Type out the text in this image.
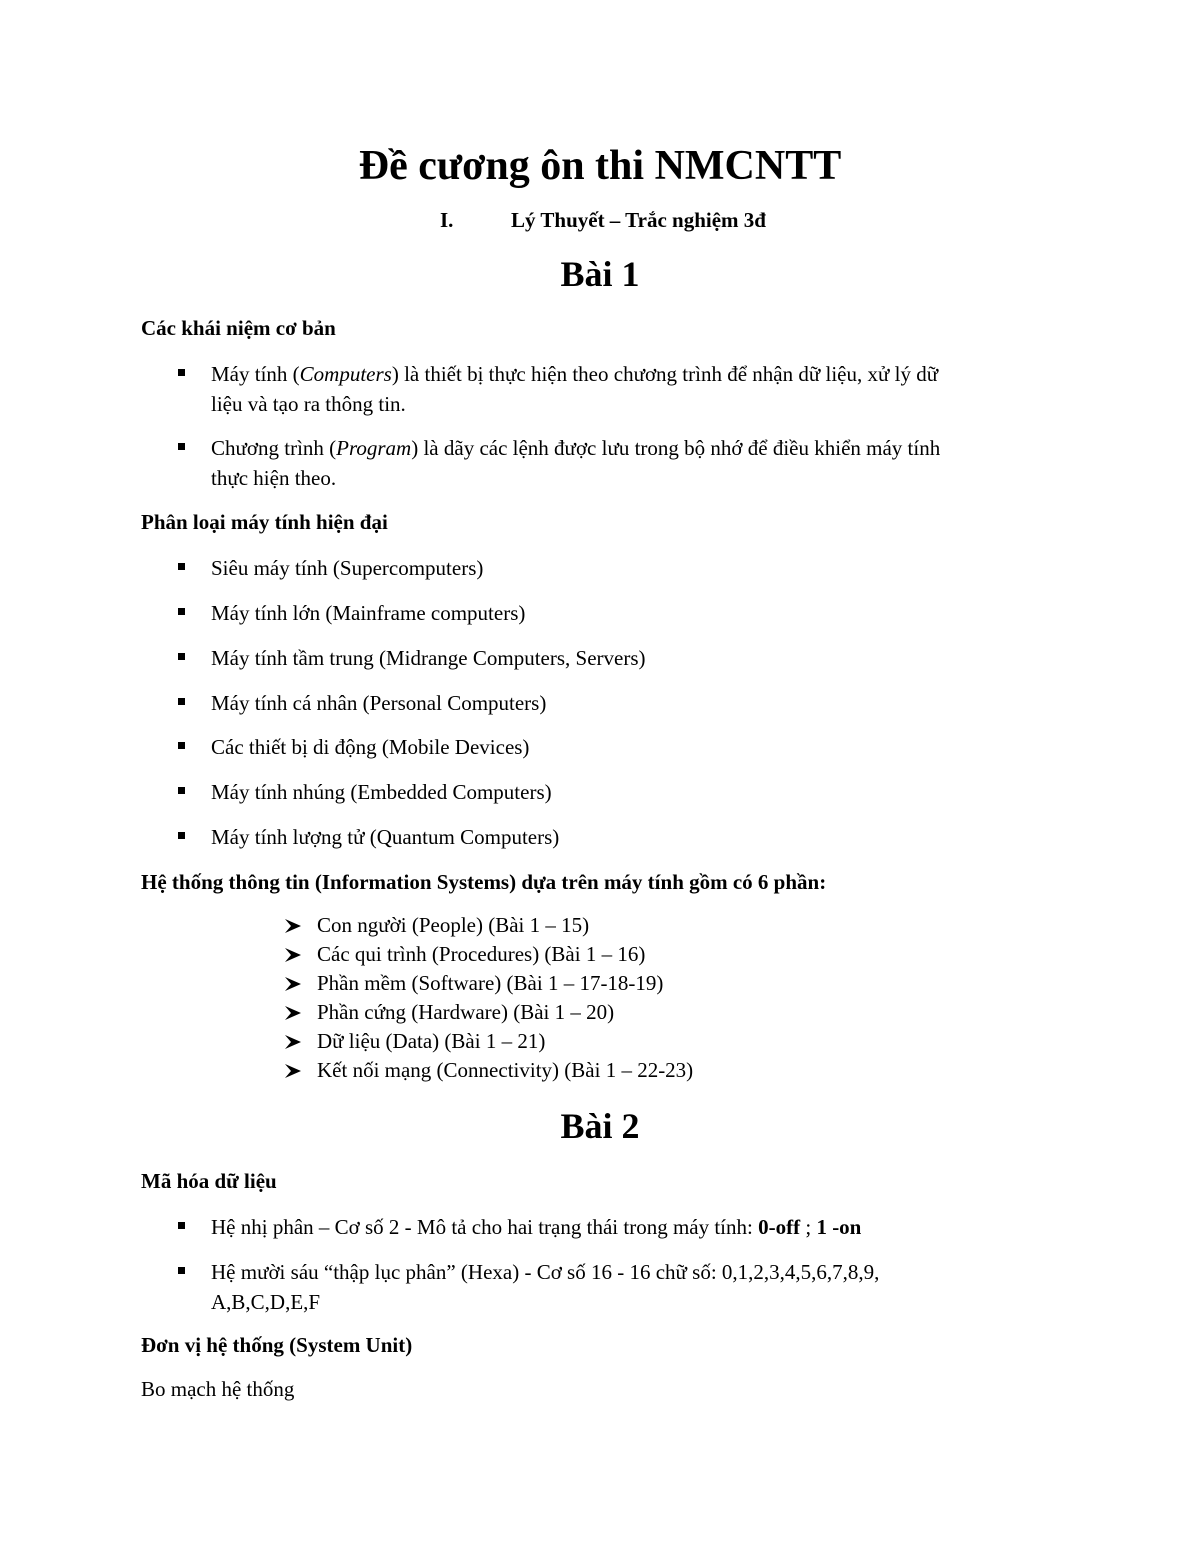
Đề cương ôn thi NMCNTT
I.	Lý Thuyết – Trắc nghiệm 3đ
Bài 1
Các khái niệm cơ bản
Máy tính (Computers) là thiết bị thực hiện theo chương trình để nhận dữ liệu, xử lý dữ
liệu và tạo ra thông tin.
Chương trình (Program) là dãy các lệnh được lưu trong bộ nhớ để điều khiển máy tính
thực hiện theo.
Phân loại máy tính hiện đại
Siêu máy tính (Supercomputers)
Máy tính lớn (Mainframe computers)
Máy tính tầm trung (Midrange Computers, Servers)
Máy tính cá nhân (Personal Computers)
Các thiết bị di động (Mobile Devices)
Máy tính nhúng (Embedded Computers)
Máy tính lượng tử (Quantum Computers)
Hệ thống thông tin (Information Systems) dựa trên máy tính gồm có 6 phần:
Con người (People) (Bài 1 – 15)
Các qui trình (Procedures) (Bài 1 – 16)
Phần mềm (Software) (Bài 1 – 17-18-19)
Phần cứng (Hardware) (Bài 1 – 20)
Dữ liệu (Data) (Bài 1 – 21)
Kết nối mạng (Connectivity) (Bài 1 – 22-23)
Bài 2
Mã hóa dữ liệu
Hệ nhị phân – Cơ số 2 - Mô tả cho hai trạng thái trong máy tính: 0-off ; 1 -on
Hệ mười sáu “thập lục phân” (Hexa) - Cơ số 16 - 16 chữ số: 0,1,2,3,4,5,6,7,8,9,
A,B,C,D,E,F
Đơn vị hệ thống (System Unit)
Bo mạch hệ thống
